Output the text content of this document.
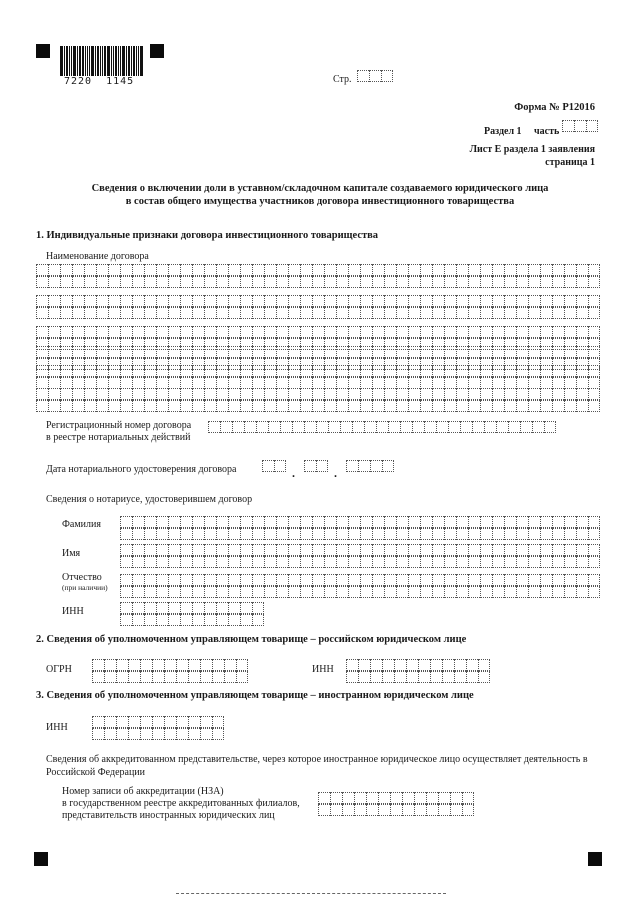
7220  1145	Стр.
Форма № Р12016
Раздел 1 часть
Лист Е раздела 1 заявления
страница 1
Сведения о включении доли в уставном/складочном капитале создаваемого юридического лица
в состав общего имущества участников договора инвестиционного товарищества
1. Индивидуальные признаки договора инвестиционного товарищества
Наименование договора
Регистрационный номер договора
в реестре нотариальных действий
Дата нотариального удостоверения договора	.	.
Сведения о нотариусе, удостоверившем договор
Фамилия
Имя
Отчество
(при наличии)
ИНН
2. Сведения об уполномоченном управляющем товарище – российском юридическом лице
ОГРН	ИНН
3. Сведения об уполномоченном управляющем товарище – иностранном юридическом лице
ИНН
Сведения об аккредитованном представительстве, через которое иностранное юридическое лицо осуществляет деятельность в
Российской Федерации
Номер записи об аккредитации (НЗА)
в государственном реестре аккредитованных филиалов,
представительств иностранных юридических лиц
